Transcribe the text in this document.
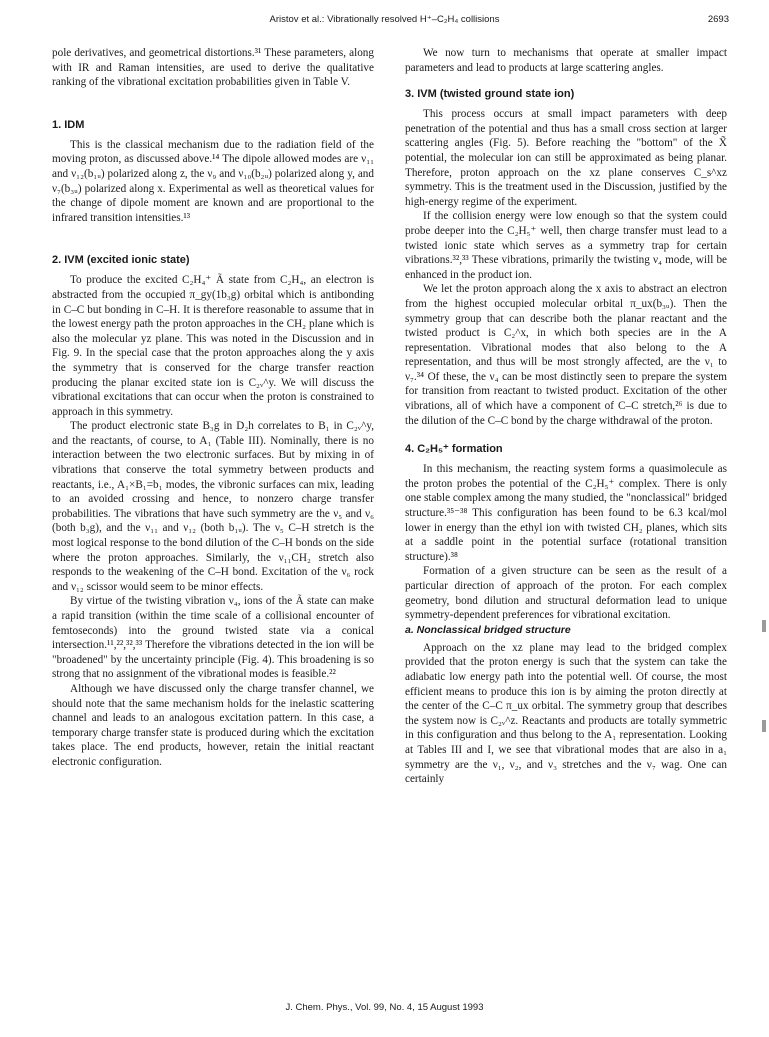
Aristov et al.: Vibrationally resolved H⁺–C₂H₄ collisions	2693

pole derivatives, and geometrical distortions.³¹ These parameters, along with IR and Raman intensities, are used to derive the qualitative ranking of the vibrational excitation probabilities given in Table V.

1. IDM

This is the classical mechanism due to the radiation field of the moving proton, as discussed above.¹⁴ The dipole allowed modes are ν₁₁ and ν₁₂(b₁ᵤ) polarized along z, the ν₉ and ν₁₀(b₂ᵤ) polarized along y, and ν₇(b₃ᵤ) polarized along x. Experimental as well as theoretical values for the change of dipole moment are known and are proportional to the infrared transition intensities.¹³

2. IVM (excited ionic state)

To produce the excited C₂H₄⁺ Ã state from C₂H₄, an electron is abstracted from the occupied π_gy(1b₃g) orbital which is antibonding in C–C but bonding in C–H. It is therefore reasonable to assume that in the lowest energy path the proton approaches in the CH₂ plane which is also the molecular yz plane. This was noted in the Discussion and in Fig. 9. In the special case that the proton approaches along the y axis the symmetry that is conserved for the charge transfer reaction producing the planar excited state ion is C₂ᵥ^y. We will discuss the vibrational excitations that can occur when the proton is constrained to approach in this symmetry.

The product electronic state B₃g in D₂h correlates to B₁ in C₂ᵥ^y, and the reactants, of course, to A₁ (Table III). Nominally, there is no interaction between the two electronic surfaces. But by mixing in of vibrations that conserve the total symmetry between products and reactants, i.e., A₁×B₁=b₁ modes, the vibronic surfaces can mix, leading to an avoided crossing and hence, to nonzero charge transfer probabilities. The vibrations that have such symmetry are the ν₅ and ν₆ (both b₃g), and the ν₁₁ and ν₁₂ (both b₁ᵤ). The ν₅ C–H stretch is the most logical response to the bond dilution of the C–H bonds on the side where the proton approaches. Similarly, the ν₁₁CH₂ stretch also responds to the weakening of the C–H bond. Excitation of the ν₆ rock and ν₁₂ scissor would seem to be minor effects.

By virtue of the twisting vibration ν₄, ions of the Ã state can make a rapid transition (within the time scale of a collisional encounter of femtoseconds) into the ground twisted state via a conical intersection.¹¹,²²,³²,³³ Therefore the vibrations detected in the ion will be "broadened" by the uncertainty principle (Fig. 4). This broadening is so strong that no assignment of the vibrational modes is feasible.²²

Although we have discussed only the charge transfer channel, we should note that the same mechanism holds for the inelastic scattering channel and leads to an analogous excitation pattern. In this case, a temporary charge transfer state is produced during which the excitation takes place. The end products, however, retain the initial reactant electronic configuration.

We now turn to mechanisms that operate at smaller impact parameters and lead to products at large scattering angles.

3. IVM (twisted ground state ion)

This process occurs at small impact parameters with deep penetration of the potential and thus has a small cross section at larger scattering angles (Fig. 5). Before reaching the "bottom" of the X̃ potential, the molecular ion can still be approximated as being planar. Therefore, proton approach on the xz plane conserves C_s^xz symmetry. This is the treatment used in the Discussion, justified by the high-energy regime of the experiment.

If the collision energy were low enough so that the system could probe deeper into the C₂H₅⁺ well, then charge transfer must lead to a twisted ionic state which serves as a symmetry trap for certain vibrations.³²,³³ These vibrations, primarily the twisting ν₄ mode, will be enhanced in the product ion.

We let the proton approach along the x axis to abstract an electron from the highest occupied molecular orbital π_ux(b₃ᵤ). Then the symmetry group that can describe both the planar reactant and the twisted product is C₂^x, in which both species are in the A representation. Vibrational modes that also belong to the A representation, and thus will be most strongly affected, are the ν₁ to ν₇.³⁴ Of these, the ν₄ can be most distinctly seen to prepare the system for transition from reactant to twisted product. Excitation of the other vibrations, all of which have a component of C–C stretch,²⁶ is due to the dilution of the C–C bond by the charge withdrawal of the proton.

4. C₂H₅⁺ formation

In this mechanism, the reacting system forms a quasimolecule as the proton probes the potential of the C₂H₅⁺ complex. There is only one stable complex among the many studied, the "nonclassical" bridged structure.³⁵⁻³⁸ This configuration has been found to be 6.3 kcal/mol lower in energy than the ethyl ion with twisted CH₂ planes, which sits at a saddle point in the potential surface (rotational transition structure).³⁸

Formation of a given structure can be seen as the result of a particular direction of approach of the proton. For each complex geometry, bond dilution and structural deformation lead to unique symmetry-dependent preferences for vibrational excitation.

a. Nonclassical bridged structure

Approach on the xz plane may lead to the bridged complex provided that the proton energy is such that the system can take the adiabatic low energy path into the potential well. Of course, the most efficient means to produce this ion is by aiming the proton directly at the center of the C–C π_ux orbital. The symmetry group that describes the system now is C₂ᵥ^z. Reactants and products are totally symmetric in this configuration and thus belong to the A₁ representation. Looking at Tables III and I, we see that vibrational modes that are also in a₁ symmetry are the ν₁, ν₂, and ν₃ stretches and the ν₇ wag. One can certainly

J. Chem. Phys., Vol. 99, No. 4, 15 August 1993
